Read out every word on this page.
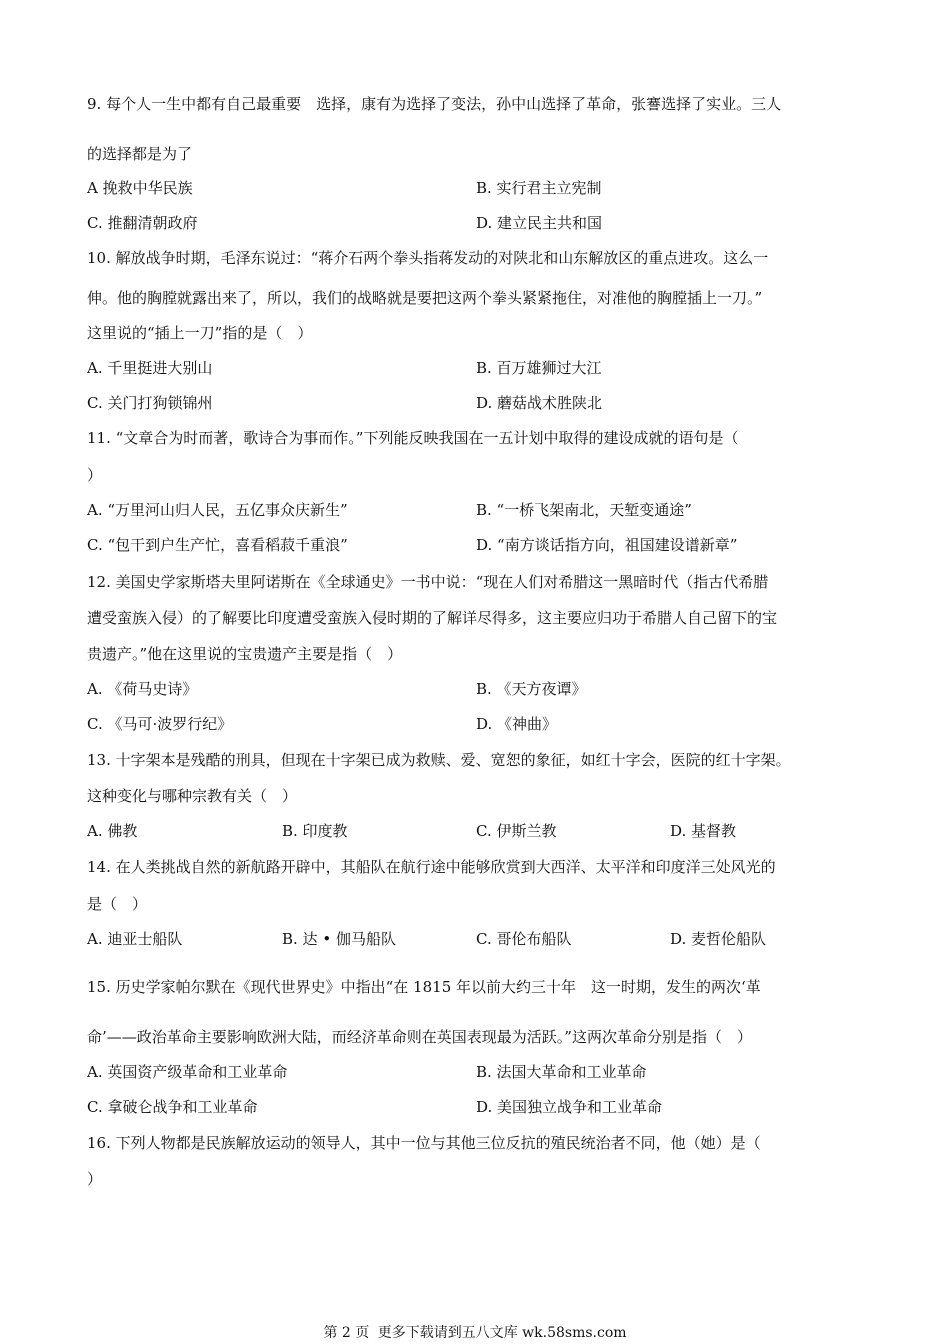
9. 每个人一生中都有自己最重要　选择，康有为选择了变法，孙中山选择了革命，张謇选择了实业。三人
的选择都是为了
A 挽救中华民族	B. 实行君主立宪制
C. 推翻清朝政府	D. 建立民主共和国
10. 解放战争时期，毛泽东说过：“蒋介石两个拳头指蒋发动的对陕北和山东解放区的重点进攻。这么一
伸。他的胸膛就露出来了，所以，我们的战略就是要把这两个拳头紧紧拖住，对准他的胸膛插上一刀。”
这里说的“插上一刀”指的是（　）
A. 千里挺进大别山	B. 百万雄狮过大江
C. 关门打狗锁锦州	D. 蘑菇战术胜陕北
11. “文章合为时而著，歌诗合为事而作。”下列能反映我国在一五计划中取得的建设成就的语句是（
）
A. “万里河山归人民，五亿事众庆新生”	B. “一桥飞架南北，天堑变通途”
C. “包干到户生产忙，喜看稻菽千重浪”	D. “南方谈话指方向，祖国建设谱新章”
12. 美国史学家斯塔夫里阿诺斯在《全球通史》一书中说：“现在人们对希腊这一黑暗时代（指古代希腊
遭受蛮族入侵）的了解要比印度遭受蛮族入侵时期的了解详尽得多，这主要应归功于希腊人自己留下的宝
贵遗产。”他在这里说的宝贵遗产主要是指（　）
A. 《荷马史诗》	B. 《天方夜谭》
C. 《马可·波罗行纪》	D. 《神曲》
13. 十字架本是残酷的刑具，但现在十字架已成为救赎、爱、宽恕的象征，如红十字会，医院的红十字架。
这种变化与哪种宗教有关（　）
A. 佛教	B. 印度教	C. 伊斯兰教	D. 基督教
14. 在人类挑战自然的新航路开辟中，其船队在航行途中能够欣赏到大西洋、太平洋和印度洋三处风光的
是（　）
A. 迪亚士船队	B. 达 • 伽马船队	C. 哥伦布船队	D. 麦哲伦船队
15. 历史学家帕尔默在《现代世界史》中指出“在 1815 年以前大约三十年　这一时期，发生的两次‘革
命’——政治革命主要影响欧洲大陆，而经济革命则在英国表现最为活跃。”这两次革命分别是指（　）
A. 英国资产级革命和工业革命	B. 法国大革命和工业革命
C. 拿破仑战争和工业革命	D. 美国独立战争和工业革命
16. 下列人物都是民族解放运动的领导人，其中一位与其他三位反抗的殖民统治者不同，他（她）是（
）
第 2 页 更多下载请到五八文库 wk.58sms.com
